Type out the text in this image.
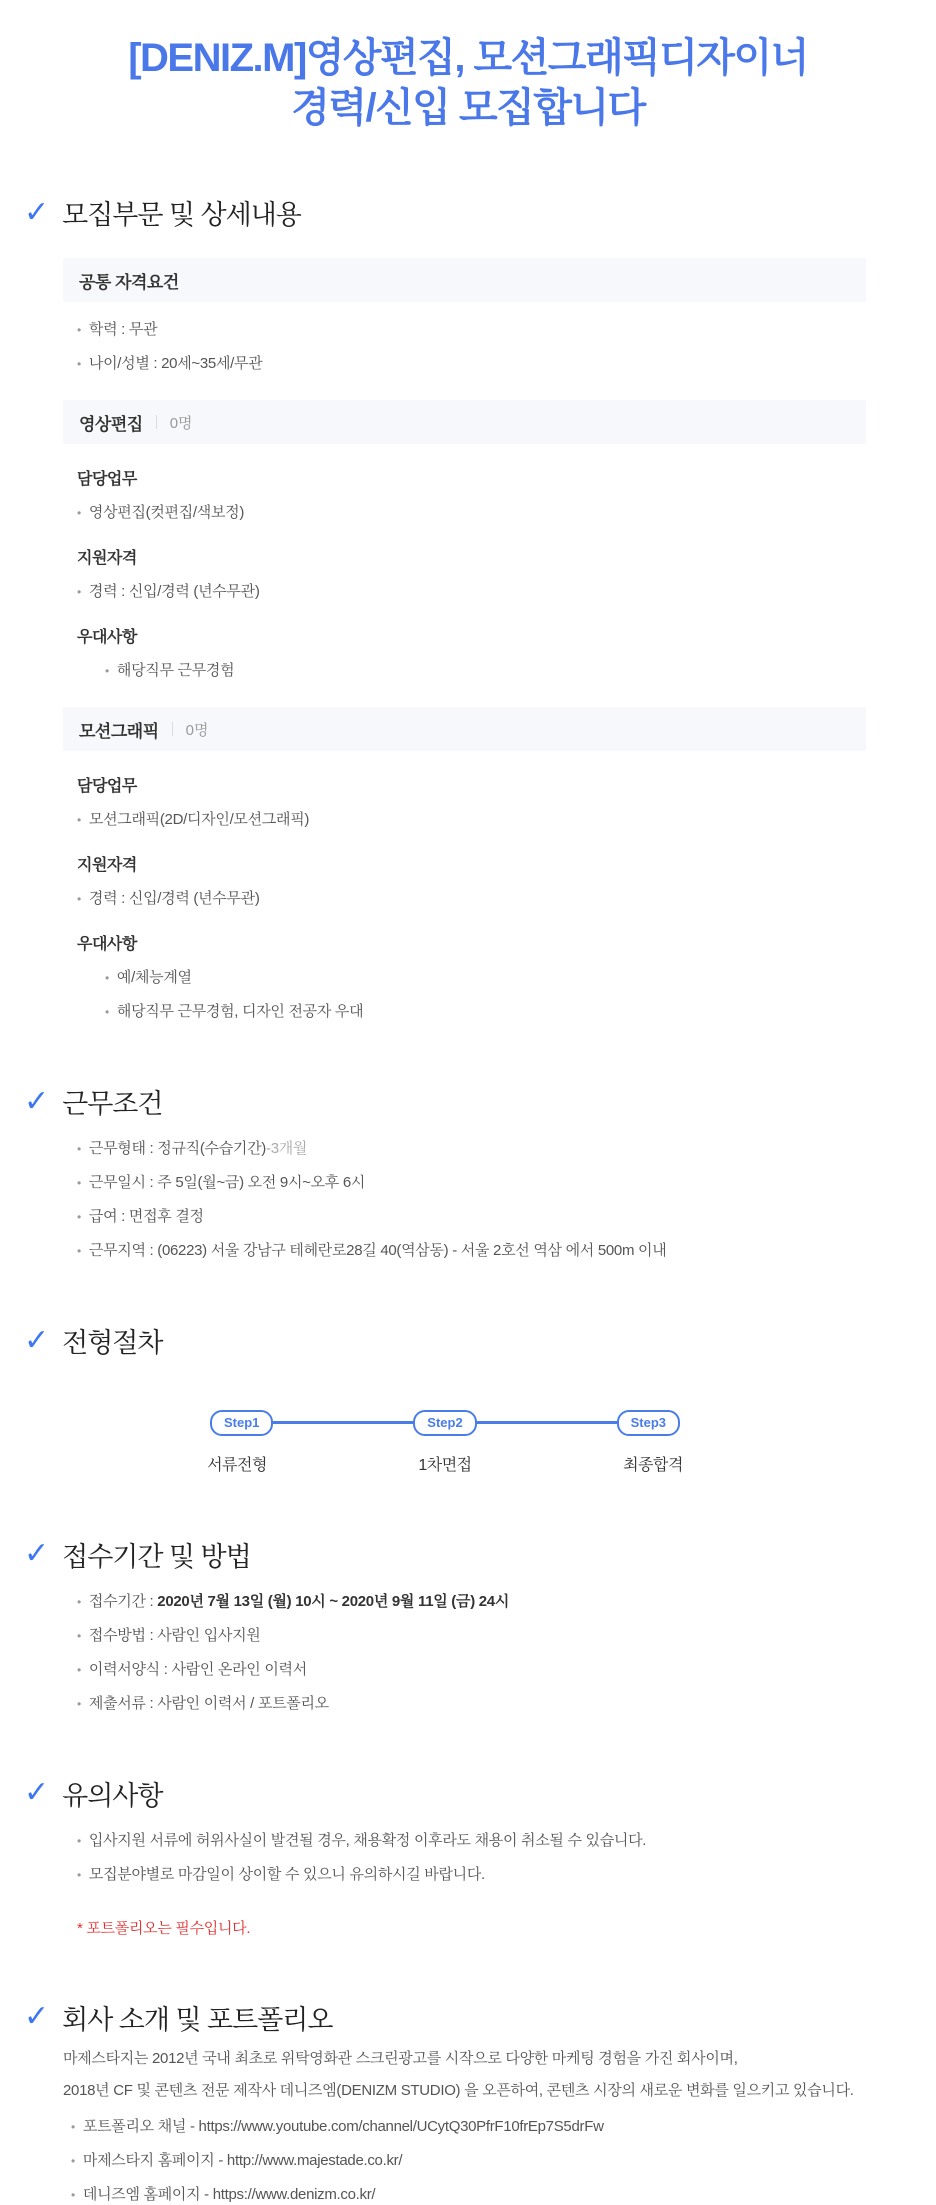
[DENIZ.M]영상편집, 모션그래픽디자이너
경력/신입 모집합니다
✓ 모집부문 및 상세내용
공통 자격요건
•
학력 : 무관
•
나이/성별 : 20세~35세/무관
영상편집 0명
담당업무
•
영상편집(컷편집/색보정)
지원자격
•
경력 : 신입/경력 (년수무관)
우대사항
•
해당직무 근무경험
모션그래픽 0명
담당업무
•
모션그래픽(2D/디자인/모션그래픽)
지원자격
•
경력 : 신입/경력 (년수무관)
우대사항
•
예/체능계열
•
해당직무 근무경험, 디자인 전공자 우대
✓ 근무조건
•
근무형태 : 정규직(수습기간)-3개월
•
근무일시 : 주 5일(월~금) 오전 9시~오후 6시
•
급여 : 면접후 결정
•
근무지역 : (06223) 서울 강남구 테헤란로28길 40(역삼동) - 서울 2호선 역삼 에서 500m 이내
✓ 전형절차
Step1	Step2	Step3
서류전형	1차면접	최종합격
✓ 접수기간 및 방법
•
접수기간 : 2020년 7월 13일 (월) 10시 ~ 2020년 9월 11일 (금) 24시
•
접수방법 : 사람인 입사지원
•
이력서양식 : 사람인 온라인 이력서
•
제출서류 : 사람인 이력서 / 포트폴리오
✓ 유의사항
•
입사지원 서류에 허위사실이 발견될 경우, 채용확정 이후라도 채용이 취소될 수 있습니다.
•
모집분야별로 마감일이 상이할 수 있으니 유의하시길 바랍니다.
* 포트폴리오는 필수입니다.
✓ 회사 소개 및 포트폴리오
마제스타지는 2012년 국내 최초로 위탁영화관 스크린광고를 시작으로 다양한 마케팅 경험을 가진 회사이며,
2018년 CF 및 콘텐츠 전문 제작사 데니즈엠(DENIZM STUDIO) 을 오픈하여, 콘텐츠 시장의 새로운 변화를 일으키고 있습니다.
•
포트폴리오 채널 - https://www.youtube.com/channel/UCytQ30PfrF10frEp7S5drFw
•
마제스타지 홈페이지 - http://www.majestade.co.kr/
•
데니즈엠 홈페이지 - https://www.denizm.co.kr/
